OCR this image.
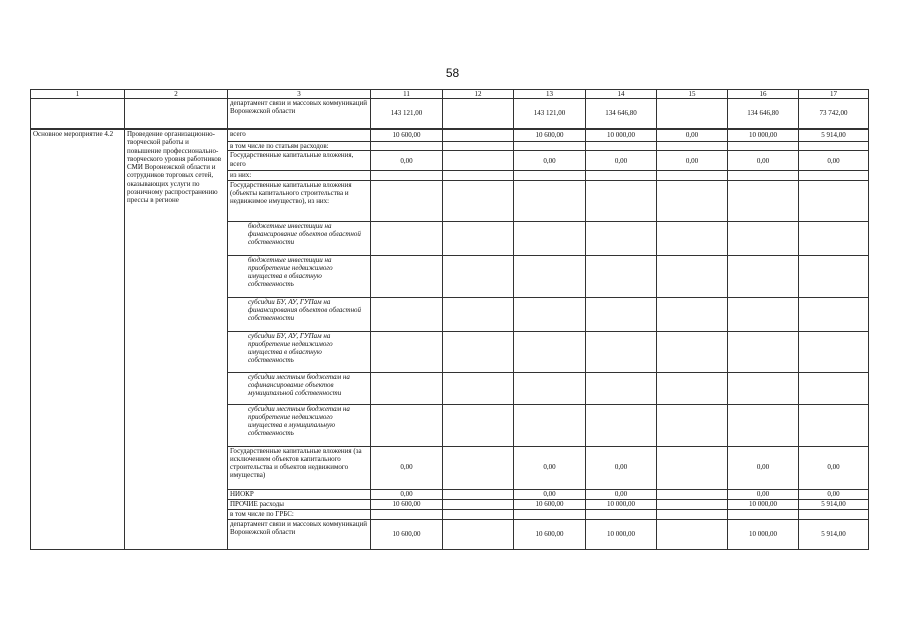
58
1	2	3	11	12	13	14	15	16	17
		департамент связи и массовых коммуникаций Воронежской области	143 121,00		143 121,00	134 646,80		134 646,80	73 742,00

Основное мероприятие 4.2	Проведение организационно-творческой работы и повышение профессионально-творческого уровня работников СМИ Воронежской области и сотрудников торговых сетей, оказывающих услуги по розничному распространению прессы в регионе	всего	10 600,00		10 600,00	10 000,00	0,00	10 000,00	5 914,00
		в том числе по статьям расходов:							
		Государственные капитальные вложения, всего	0,00		0,00	0,00	0,00	0,00	0,00
		из них:							
		Государственные капитальные вложения (объекты капитального строительства и недвижимое имущество), из них:							
		бюджетные инвестиции на финансирование объектов областной собственности							
		бюджетные инвестиции на приобретение недвижимого имущества в областную собственность							
		субсидии БУ, АУ, ГУПам на финансирования объектов областной собственности							
		субсидии БУ, АУ, ГУПам на приобретение недвижимого имущества в областную собственность							
		субсидии местным бюджетам на софинансирование объектов муниципальной собственности							
		субсидии местным бюджетам на приобретение недвижимого имущества в муниципальную собственность							
		Государственные капитальные вложения (за исключением объектов капитального строительства и объектов недвижимого имущества)	0,00		0,00	0,00		0,00	0,00
		НИОКР	0,00		0,00	0,00		0,00	0,00
		ПРОЧИЕ расходы	10 600,00		10 600,00	10 000,00		10 000,00	5 914,00
		в том числе по ГРБС:							
		департамент связи и массовых коммуникаций Воронежской области	10 600,00		10 600,00	10 000,00		10 000,00	5 914,00
